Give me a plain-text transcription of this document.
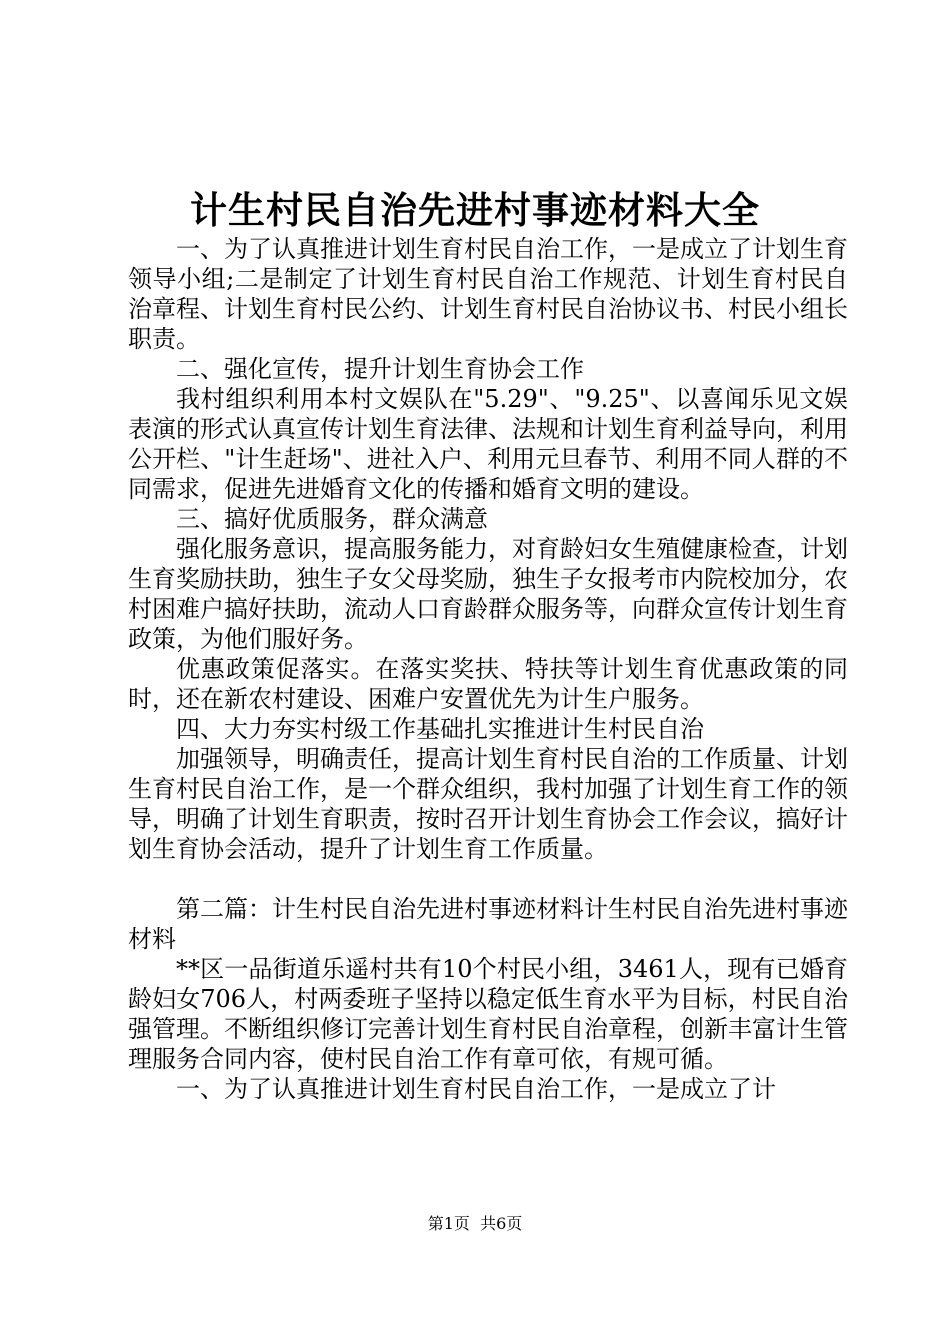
计生村民自治先进村事迹材料大全

一、为了认真推进计划生育村民自治工作，一是成立了计划生育领导小组;二是制定了计划生育村民自治工作规范、计划生育村民自治章程、计划生育村民公约、计划生育村民自治协议书、村民小组长职责。

二、强化宣传，提升计划生育协会工作

我村组织利用本村文娱队在"5.29"、"9.25"、以喜闻乐见文娱表演的形式认真宣传计划生育法律、法规和计划生育利益导向，利用公开栏、"计生赶场"、进社入户、利用元旦春节、利用不同人群的不同需求，促进先进婚育文化的传播和婚育文明的建设。

三、搞好优质服务，群众满意

强化服务意识，提高服务能力，对育龄妇女生殖健康检查，计划生育奖励扶助，独生子女父母奖励，独生子女报考市内院校加分，农村困难户搞好扶助，流动人口育龄群众服务等，向群众宣传计划生育政策，为他们服好务。

优惠政策促落实。在落实奖扶、特扶等计划生育优惠政策的同时，还在新农村建设、困难户安置优先为计生户服务。

四、大力夯实村级工作基础扎实推进计生村民自治

加强领导，明确责任，提高计划生育村民自治的工作质量、计划生育村民自治工作，是一个群众组织，我村加强了计划生育工作的领导，明确了计划生育职责，按时召开计划生育协会工作会议，搞好计划生育协会活动，提升了计划生育工作质量。

第二篇：计生村民自治先进村事迹材料计生村民自治先进村事迹材料

**区一品街道乐遥村共有10个村民小组，3461人，现有已婚育龄妇女706人，村两委班子坚持以稳定低生育水平为目标，村民自治强管理。不断组织修订完善计划生育村民自治章程，创新丰富计生管理服务合同内容，使村民自治工作有章可依，有规可循。

一、为了认真推进计划生育村民自治工作，一是成立了计

第1页 共6页
